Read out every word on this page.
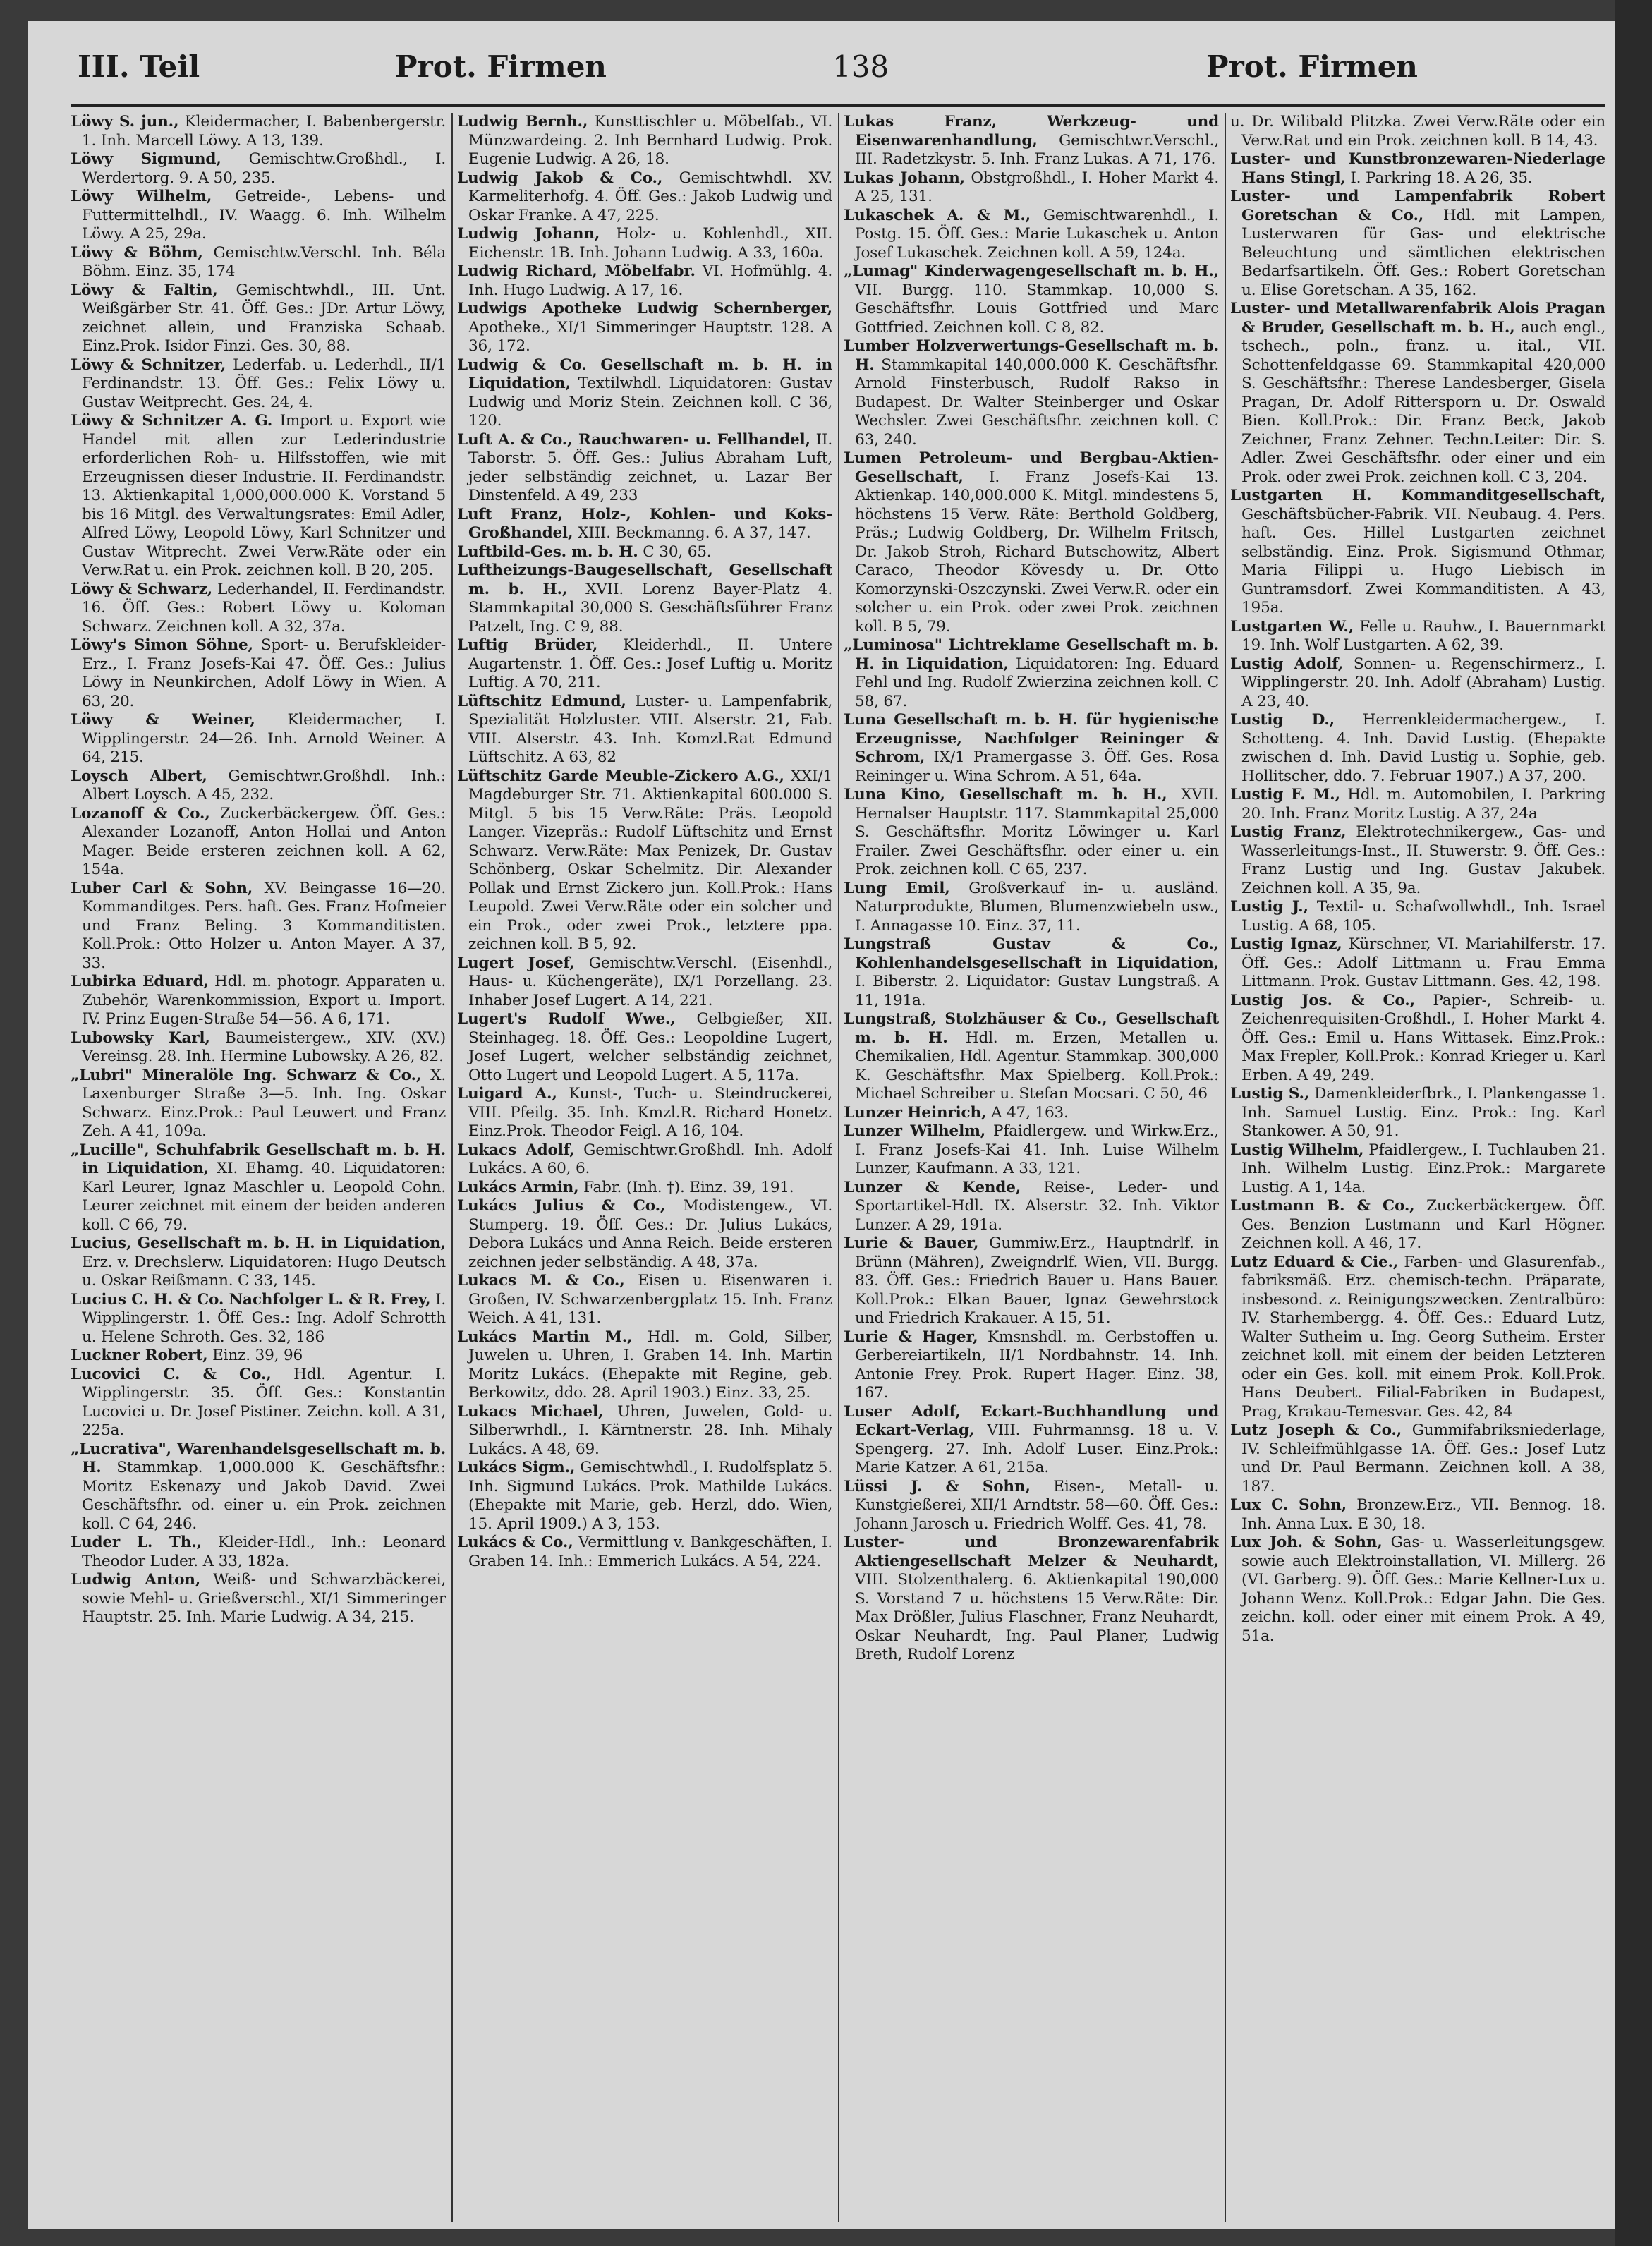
III. Teil	Prot. Firmen	138	Prot. Firmen
Löwy S. jun., Kleidermacher, I. Babenbergerstr. 1. Inh. Marcell Löwy. A 13, 139.
Löwy Sigmund, Gemischtw.Großhdl., I. Werdertorg. 9. A 50, 235.
Löwy Wilhelm, Getreide-, Lebens- und Futtermittelhdl., IV. Waagg. 6. Inh. Wilhelm Löwy. A 25, 29a.
Löwy & Böhm, Gemischtw.Verschl. Inh. Béla Böhm. Einz. 35, 174
Löwy & Faltin, Gemischtwhdl., III. Unt. Weißgärber Str. 41. Öff. Ges.: JDr. Artur Löwy, zeichnet allein, und Franziska Schaab. Einz.Prok. Isidor Finzi. Ges. 30, 88.
Löwy & Schnitzer, Lederfab. u. Lederhdl., II/1 Ferdinandstr. 13. Öff. Ges.: Felix Löwy u. Gustav Weitprecht. Ges. 24, 4.
Löwy & Schnitzer A. G. Import u. Export wie Handel mit allen zur Lederindustrie erforderlichen Roh- u. Hilfsstoffen, wie mit Erzeugnissen dieser Industrie. II. Ferdinandstr. 13. Aktienkapital 1,000,000.000 K. Vorstand 5 bis 16 Mitgl. des Verwaltungsrates: Emil Adler, Alfred Löwy, Leopold Löwy, Karl Schnitzer und Gustav Witprecht. Zwei Verw.Räte oder ein Verw.Rat u. ein Prok. zeichnen koll. B 20, 205.
Löwy & Schwarz, Lederhandel, II. Ferdinandstr. 16. Öff. Ges.: Robert Löwy u. Koloman Schwarz. Zeichnen koll. A 32, 37a.
Löwy's Simon Söhne, Sport- u. Berufskleider-Erz., I. Franz Josefs-Kai 47. Öff. Ges.: Julius Löwy in Neunkirchen, Adolf Löwy in Wien. A 63, 20.
Löwy & Weiner, Kleidermacher, I. Wipplingerstr. 24—26. Inh. Arnold Weiner. A 64, 215.
Loysch Albert, Gemischtwr.Großhdl. Inh.: Albert Loysch. A 45, 232.
Lozanoff & Co., Zuckerbäckergew. Öff. Ges.: Alexander Lozanoff, Anton Hollai und Anton Mager. Beide ersteren zeichnen koll. A 62, 154a.
Luber Carl & Sohn, XV. Beingasse 16—20. Kommanditges. Pers. haft. Ges. Franz Hofmeier und Franz Beling. 3 Kommanditisten. Koll.Prok.: Otto Holzer u. Anton Mayer. A 37, 33.
Lubirka Eduard, Hdl. m. photogr. Apparaten u. Zubehör, Warenkommission, Export u. Import. IV. Prinz Eugen-Straße 54—56. A 6, 171.
Lubowsky Karl, Baumeistergew., XIV. (XV.) Vereinsg. 28. Inh. Hermine Lubowsky. A 26, 82.
„Lubri" Mineralöle Ing. Schwarz & Co., X. Laxenburger Straße 3—5. Inh. Ing. Oskar Schwarz. Einz.Prok.: Paul Leuwert und Franz Zeh. A 41, 109a.
„Lucille", Schuhfabrik Gesellschaft m. b. H. in Liquidation, XI. Ehamg. 40. Liquidatoren: Karl Leurer, Ignaz Maschler u. Leopold Cohn. Leurer zeichnet mit einem der beiden anderen koll. C 66, 79.
Lucius, Gesellschaft m. b. H. in Liquidation, Erz. v. Drechslerw. Liquidatoren: Hugo Deutsch u. Oskar Reißmann. C 33, 145.
Lucius C. H. & Co. Nachfolger L. & R. Frey, I. Wipplingerstr. 1. Öff. Ges.: Ing. Adolf Schrotth u. Helene Schroth. Ges. 32, 186
Luckner Robert, Einz. 39, 96
Lucovici C. & Co., Hdl. Agentur. I. Wipplingerstr. 35. Öff. Ges.: Konstantin Lucovici u. Dr. Josef Pistiner. Zeichn. koll. A 31, 225a.
„Lucrativa", Warenhandelsgesellschaft m. b. H. Stammkap. 1,000.000 K. Geschäftsfhr.: Moritz Eskenazy und Jakob David. Zwei Geschäftsfhr. od. einer u. ein Prok. zeichnen koll. C 64, 246.
Luder L. Th., Kleider-Hdl., Inh.: Leonard Theodor Luder. A 33, 182a.
Ludwig Anton, Weiß- und Schwarzbäckerei, sowie Mehl- u. Grießverschl., XI/1 Simmeringer Hauptstr. 25. Inh. Marie Ludwig. A 34, 215.
Ludwig Bernh., Kunsttischler u. Möbelfab., VI. Münzwardeing. 2. Inh Bernhard Ludwig. Prok. Eugenie Ludwig. A 26, 18.
Ludwig Jakob & Co., Gemischtwhdl. XV. Karmeliterhofg. 4. Öff. Ges.: Jakob Ludwig und Oskar Franke. A 47, 225.
Ludwig Johann, Holz- u. Kohlenhdl., XII. Eichenstr. 1B. Inh. Johann Ludwig. A 33, 160a.
Ludwig Richard, Möbelfabr. VI. Hofmühlg. 4. Inh. Hugo Ludwig. A 17, 16.
Ludwigs Apotheke Ludwig Schernberger, Apotheke., XI/1 Simmeringer Hauptstr. 128. A 36, 172.
Ludwig & Co. Gesellschaft m. b. H. in Liquidation, Textilwhdl. Liquidatoren: Gustav Ludwig und Moriz Stein. Zeichnen koll. C 36, 120.
Luft A. & Co., Rauchwaren- u. Fellhandel, II. Taborstr. 5. Öff. Ges.: Julius Abraham Luft, jeder selbständig zeichnet, u. Lazar Ber Dinstenfeld. A 49, 233
Luft Franz, Holz-, Kohlen- und Koks-Großhandel, XIII. Beckmanng. 6. A 37, 147.
Luftbild-Ges. m. b. H. C 30, 65.
Luftheizungs-Baugesellschaft, Gesellschaft m. b. H., XVII. Lorenz Bayer-Platz 4. Stammkapital 30,000 S. Geschäftsführer Franz Patzelt, Ing. C 9, 88.
Luftig Brüder, Kleiderhdl., II. Untere Augartenstr. 1. Öff. Ges.: Josef Luftig u. Moritz Luftig. A 70, 211.
Lüftschitz Edmund, Luster- u. Lampenfabrik, Spezialität Holzluster. VIII. Alserstr. 21, Fab. VIII. Alserstr. 43. Inh. Komzl.Rat Edmund Lüftschitz. A 63, 82
Lüftschitz Garde Meuble-Zickero A.G., XXI/1 Magdeburger Str. 71. Aktienkapital 600.000 S. Mitgl. 5 bis 15 Verw.Räte: Präs. Leopold Langer. Vizepräs.: Rudolf Lüftschitz und Ernst Schwarz. Verw.Räte: Max Penizek, Dr. Gustav Schönberg, Oskar Schelmitz. Dir. Alexander Pollak und Ernst Zickero jun. Koll.Prok.: Hans Leupold. Zwei Verw.Räte oder ein solcher und ein Prok., oder zwei Prok., letztere ppa. zeichnen koll. B 5, 92.
Lugert Josef, Gemischtw.Verschl. (Eisenhdl., Haus- u. Küchengeräte), IX/1 Porzellang. 23. Inhaber Josef Lugert. A 14, 221.
Lugert's Rudolf Wwe., Gelbgießer, XII. Steinhageg. 18. Öff. Ges.: Leopoldine Lugert, Josef Lugert, welcher selbständig zeichnet, Otto Lugert und Leopold Lugert. A 5, 117a.
Luigard A., Kunst-, Tuch- u. Steindruckerei, VIII. Pfeilg. 35. Inh. Kmzl.R. Richard Honetz. Einz.Prok. Theodor Feigl. A 16, 104.
Lukacs Adolf, Gemischtwr.Großhdl. Inh. Adolf Lukács. A 60, 6.
Lukács Armin, Fabr. (Inh. †). Einz. 39, 191.
Lukács Julius & Co., Modistengew., VI. Stumperg. 19. Öff. Ges.: Dr. Julius Lukács, Debora Lukács und Anna Reich. Beide ersteren zeichnen jeder selbständig. A 48, 37a.
Lukacs M. & Co., Eisen u. Eisenwaren i. Großen, IV. Schwarzenbergplatz 15. Inh. Franz Weich. A 41, 131.
Lukács Martin M., Hdl. m. Gold, Silber, Juwelen u. Uhren, I. Graben 14. Inh. Martin Moritz Lukács. (Ehepakte mit Regine, geb. Berkowitz, ddo. 28. April 1903.) Einz. 33, 25.
Lukacs Michael, Uhren, Juwelen, Gold- u. Silberwrhdl., I. Kärntnerstr. 28. Inh. Mihaly Lukács. A 48, 69.
Lukács Sigm., Gemischtwhdl., I. Rudolfsplatz 5. Inh. Sigmund Lukács. Prok. Mathilde Lukács. (Ehepakte mit Marie, geb. Herzl, ddo. Wien, 15. April 1909.) A 3, 153.
Lukács & Co., Vermittlung v. Bankgeschäften, I. Graben 14. Inh.: Emmerich Lukács. A 54, 224.
Lukas Franz, Werkzeug- und Eisenwarenhandlung, Gemischtwr.Verschl., III. Radetzkystr. 5. Inh. Franz Lukas. A 71, 176.
Lukas Johann, Obstgroßhdl., I. Hoher Markt 4. A 25, 131.
Lukaschek A. & M., Gemischtwarenhdl., I. Postg. 15. Öff. Ges.: Marie Lukaschek u. Anton Josef Lukaschek. Zeichnen koll. A 59, 124a.
„Lumag" Kinderwagengesellschaft m. b. H., VII. Burgg. 110. Stammkap. 10,000 S. Geschäftsfhr. Louis Gottfried und Marc Gottfried. Zeichnen koll. C 8, 82.
Lumber Holzverwertungs-Gesellschaft m. b. H. Stammkapital 140,000.000 K. Geschäftsfhr. Arnold Finsterbusch, Rudolf Rakso in Budapest. Dr. Walter Steinberger und Oskar Wechsler. Zwei Geschäftsfhr. zeichnen koll. C 63, 240.
Lumen Petroleum- und Bergbau-Aktien-Gesellschaft, I. Franz Josefs-Kai 13. Aktienkap. 140,000.000 K. Mitgl. mindestens 5, höchstens 15 Verw. Räte: Berthold Goldberg, Präs.; Ludwig Goldberg, Dr. Wilhelm Fritsch, Dr. Jakob Stroh, Richard Butschowitz, Albert Caraco, Theodor Kövesdy u. Dr. Otto Komorzynski-Oszczynski. Zwei Verw.R. oder ein solcher u. ein Prok. oder zwei Prok. zeichnen koll. B 5, 79.
„Luminosa" Lichtreklame Gesellschaft m. b. H. in Liquidation, Liquidatoren: Ing. Eduard Fehl und Ing. Rudolf Zwierzina zeichnen koll. C 58, 67.
Luna Gesellschaft m. b. H. für hygienische Erzeugnisse, Nachfolger Reininger & Schrom, IX/1 Pramergasse 3. Öff. Ges. Rosa Reininger u. Wina Schrom. A 51, 64a.
Luna Kino, Gesellschaft m. b. H., XVII. Hernalser Hauptstr. 117. Stammkapital 25,000 S. Geschäftsfhr. Moritz Löwinger u. Karl Frailer. Zwei Geschäftsfhr. oder einer u. ein Prok. zeichnen koll. C 65, 237.
Lung Emil, Großverkauf in- u. ausländ. Naturprodukte, Blumen, Blumenzwiebeln usw., I. Annagasse 10. Einz. 37, 11.
Lungstraß Gustav & Co., Kohlenhandelsgesellschaft in Liquidation, I. Biberstr. 2. Liquidator: Gustav Lungstraß. A 11, 191a.
Lungstraß, Stolzhäuser & Co., Gesellschaft m. b. H. Hdl. m. Erzen, Metallen u. Chemikalien, Hdl. Agentur. Stammkap. 300,000 K. Geschäftsfhr. Max Spielberg. Koll.Prok.: Michael Schreiber u. Stefan Mocsari. C 50, 46
Lunzer Heinrich, A 47, 163.
Lunzer Wilhelm, Pfaidlergew. und Wirkw.Erz., I. Franz Josefs-Kai 41. Inh. Luise Wilhelm Lunzer, Kaufmann. A 33, 121.
Lunzer & Kende, Reise-, Leder- und Sportartikel-Hdl. IX. Alserstr. 32. Inh. Viktor Lunzer. A 29, 191a.
Lurie & Bauer, Gummiw.Erz., Hauptndrlf. in Brünn (Mähren), Zweigndrlf. Wien, VII. Burgg. 83. Öff. Ges.: Friedrich Bauer u. Hans Bauer. Koll.Prok.: Elkan Bauer, Ignaz Gewehrstock und Friedrich Krakauer. A 15, 51.
Lurie & Hager, Kmsnshdl. m. Gerbstoffen u. Gerbereiartikeln, II/1 Nordbahnstr. 14. Inh. Antonie Frey. Prok. Rupert Hager. Einz. 38, 167.
Luser Adolf, Eckart-Buchhandlung und Eckart-Verlag, VIII. Fuhrmannsg. 18 u. V. Spengerg. 27. Inh. Adolf Luser. Einz.Prok.: Marie Katzer. A 61, 215a.
Lüssi J. & Sohn, Eisen-, Metall- u. Kunstgießerei, XII/1 Arndtstr. 58—60. Öff. Ges.: Johann Jarosch u. Friedrich Wolff. Ges. 41, 78.
Luster- und Bronzewarenfabrik Aktiengesellschaft Melzer & Neuhardt, VIII. Stolzenthalerg. 6. Aktienkapital 190,000 S. Vorstand 7 u. höchstens 15 Verw.Räte: Dir. Max Drößler, Julius Flaschner, Franz Neuhardt, Oskar Neuhardt, Ing. Paul Planer, Ludwig Breth, Rudolf Lorenz
u. Dr. Wilibald Plitzka. Zwei Verw.Räte oder ein Verw.Rat und ein Prok. zeichnen koll. B 14, 43.
Luster- und Kunstbronzewaren-Niederlage Hans Stingl, I. Parkring 18. A 26, 35.
Luster- und Lampenfabrik Robert Goretschan & Co., Hdl. mit Lampen, Lusterwaren für Gas- und elektrische Beleuchtung und sämtlichen elektrischen Bedarfsartikeln. Öff. Ges.: Robert Goretschan u. Elise Goretschan. A 35, 162.
Luster- und Metallwarenfabrik Alois Pragan & Bruder, Gesellschaft m. b. H., auch engl., tschech., poln., franz. u. ital., VII. Schottenfeldgasse 69. Stammkapital 420,000 S. Geschäftsfhr.: Therese Landesberger, Gisela Pragan, Dr. Adolf Rittersporn u. Dr. Oswald Bien. Koll.Prok.: Dir. Franz Beck, Jakob Zeichner, Franz Zehner. Techn.Leiter: Dir. S. Adler. Zwei Geschäftsfhr. oder einer und ein Prok. oder zwei Prok. zeichnen koll. C 3, 204.
Lustgarten H. Kommanditgesellschaft, Geschäftsbücher-Fabrik. VII. Neubaug. 4. Pers. haft. Ges. Hillel Lustgarten zeichnet selbständig. Einz. Prok. Sigismund Othmar, Maria Filippi u. Hugo Liebisch in Guntramsdorf. Zwei Kommanditisten. A 43, 195a.
Lustgarten W., Felle u. Rauhw., I. Bauernmarkt 19. Inh. Wolf Lustgarten. A 62, 39.
Lustig Adolf, Sonnen- u. Regenschirmerz., I. Wipplingerstr. 20. Inh. Adolf (Abraham) Lustig. A 23, 40.
Lustig D., Herrenkleidermachergew., I. Schotteng. 4. Inh. David Lustig. (Ehepakte zwischen d. Inh. David Lustig u. Sophie, geb. Hollitscher, ddo. 7. Februar 1907.) A 37, 200.
Lustig F. M., Hdl. m. Automobilen, I. Parkring 20. Inh. Franz Moritz Lustig. A 37, 24a
Lustig Franz, Elektrotechnikergew., Gas- und Wasserleitungs-Inst., II. Stuwerstr. 9. Öff. Ges.: Franz Lustig und Ing. Gustav Jakubek. Zeichnen koll. A 35, 9a.
Lustig J., Textil- u. Schafwollwhdl., Inh. Israel Lustig. A 68, 105.
Lustig Ignaz, Kürschner, VI. Mariahilferstr. 17. Öff. Ges.: Adolf Littmann u. Frau Emma Littmann. Prok. Gustav Littmann. Ges. 42, 198.
Lustig Jos. & Co., Papier-, Schreib- u. Zeichenrequisiten-Großhdl., I. Hoher Markt 4. Öff. Ges.: Emil u. Hans Wittasek. Einz.Prok.: Max Frepler, Koll.Prok.: Konrad Krieger u. Karl Erben. A 49, 249.
Lustig S., Damenkleiderfbrk., I. Plankengasse 1. Inh. Samuel Lustig. Einz. Prok.: Ing. Karl Stankower. A 50, 91.
Lustig Wilhelm, Pfaidlergew., I. Tuchlauben 21. Inh. Wilhelm Lustig. Einz.Prok.: Margarete Lustig. A 1, 14a.
Lustmann B. & Co., Zuckerbäckergew. Öff. Ges. Benzion Lustmann und Karl Högner. Zeichnen koll. A 46, 17.
Lutz Eduard & Cie., Farben- und Glasurenfab., fabriksmäß. Erz. chemisch-techn. Präparate, insbesond. z. Reinigungszwecken. Zentralbüro: IV. Starhembergg. 4. Öff. Ges.: Eduard Lutz, Walter Sutheim u. Ing. Georg Sutheim. Erster zeichnet koll. mit einem der beiden Letzteren oder ein Ges. koll. mit einem Prok. Koll.Prok. Hans Deubert. Filial-Fabriken in Budapest, Prag, Krakau-Temesvar. Ges. 42, 84
Lutz Joseph & Co., Gummifabriksniederlage, IV. Schleifmühlgasse 1A. Öff. Ges.: Josef Lutz und Dr. Paul Bermann. Zeichnen koll. A 38, 187.
Lux C. Sohn, Bronzew.Erz., VII. Bennog. 18. Inh. Anna Lux. E 30, 18.
Lux Joh. & Sohn, Gas- u. Wasserleitungsgew. sowie auch Elektroinstallation, VI. Millerg. 26 (VI. Garberg. 9). Öff. Ges.: Marie Kellner-Lux u. Johann Wenz. Koll.Prok.: Edgar Jahn. Die Ges. zeichn. koll. oder einer mit einem Prok. A 49, 51a.
